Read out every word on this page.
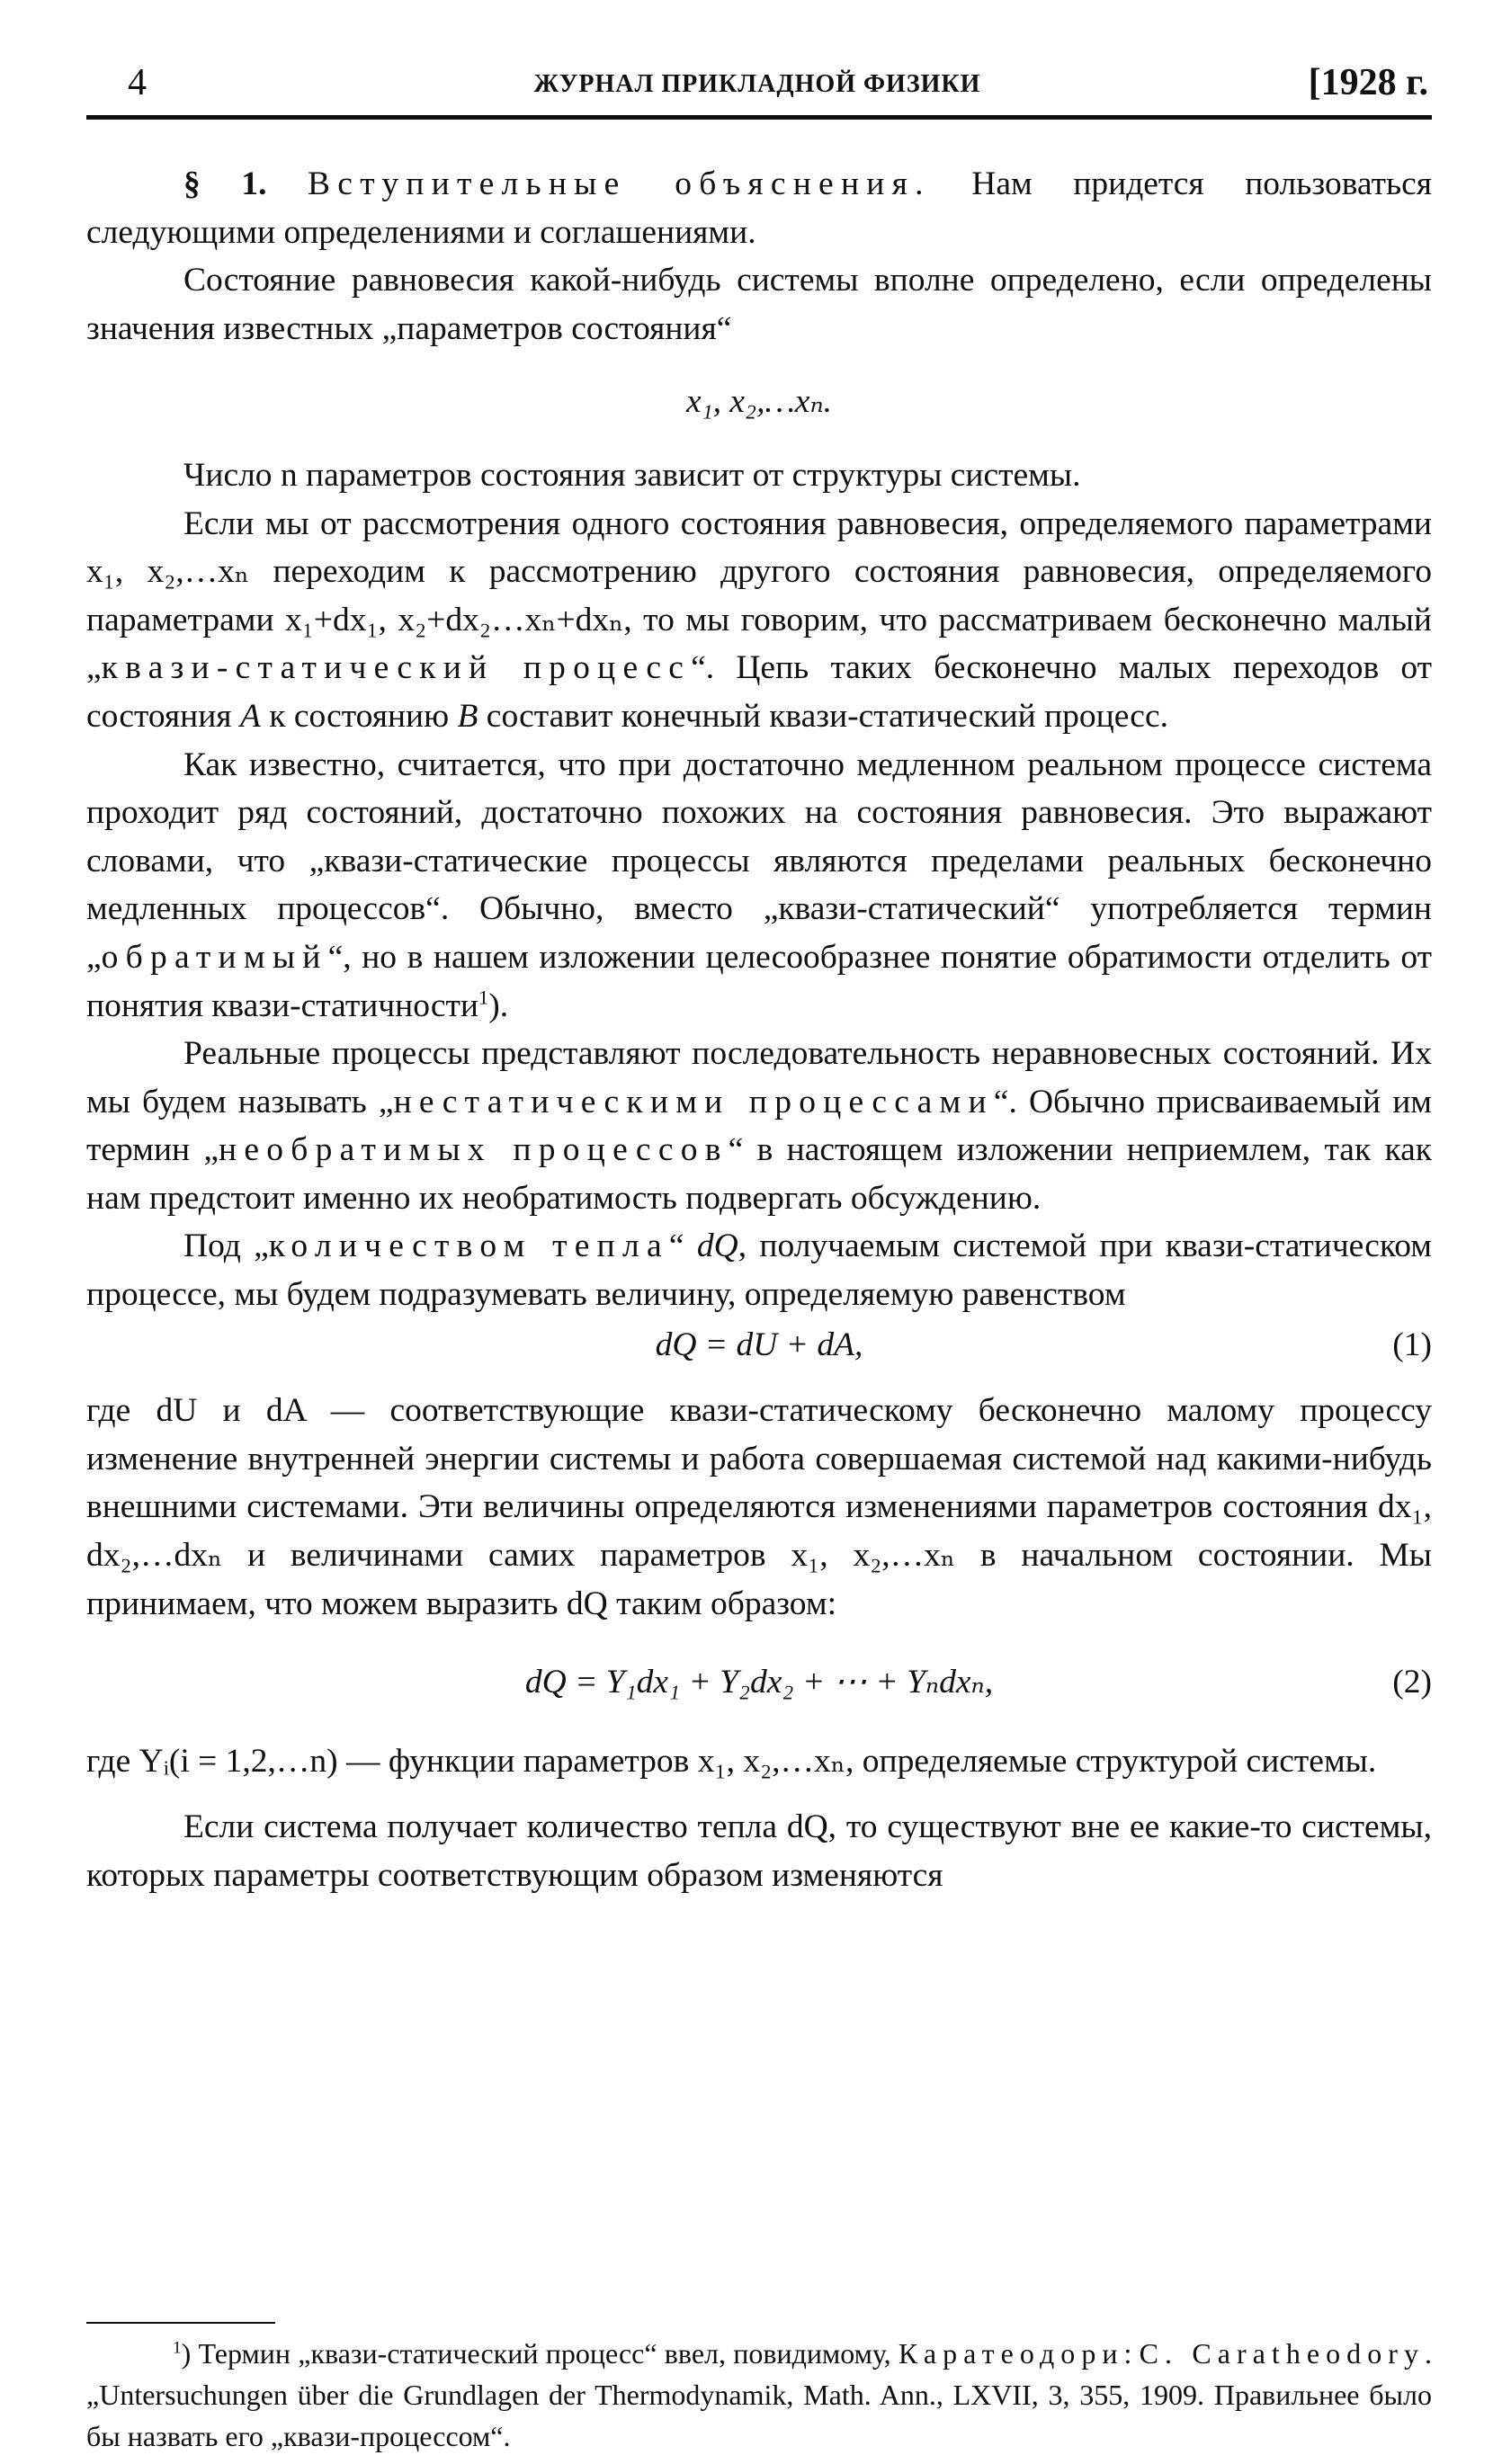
4	ЖУРНАЛ ПРИКЛАДНОЙ ФИЗИКИ	[1928 г.

§ 1. Вступительные объяснения. Нам придется пользоваться следующими определениями и соглашениями.

Состояние равновесия какой-нибудь системы вполне определено, если определены значения известных „параметров состояния“

x₁, x₂,…xₙ.

Число n параметров состояния зависит от структуры системы.

Если мы от рассмотрения одного состояния равновесия, определяемого параметрами x₁, x₂,…xₙ переходим к рассмотрению другого состояния равновесия, определяемого параметрами x₁+dx₁, x₂+dx₂…xₙ+dxₙ, то мы говорим, что рассматриваем бесконечно малый „квази-статический процесс“. Цепь таких бесконечно малых переходов от состояния A к состоянию B составит конечный квази-статический процесс.

Как известно, считается, что при достаточно медленном реальном процессе система проходит ряд состояний, достаточно похожих на состояния равновесия. Это выражают словами, что „квази-статические процессы являются пределами реальных бесконечно медленных процессов“. Обычно, вместо „квази-статический“ употребляется термин „обратимый“, но в нашем изложении целесообразнее понятие обратимости отделить от понятия квази-статичности$^1$).

Реальные процессы представляют последовательность неравновесных состояний. Их мы будем называть „нестатическими процессами“. Обычно присваиваемый им термин „необратимых процессов“ в настоящем изложении неприемлем, так как нам предстоит именно их необратимость подвергать обсуждению.

Под „количеством тепла“ dQ, получаемым системой при квази-статическом процессе, мы будем подразумевать величину, определяемую равенством

dQ = dU + dA,	(1)

где dU и dA — соответствующие квази-статическому бесконечно малому процессу изменение внутренней энергии системы и работа совершаемая системой над какими-нибудь внешними системами. Эти величины определяются изменениями параметров состояния dx₁, dx₂,…dxₙ и величинами самих параметров x₁, x₂,…xₙ в начальном состоянии. Мы принимаем, что можем выразить dQ таким образом:

dQ = Y₁dx₁ + Y₂dx₂ + ⋯ + Yₙdxₙ,	(2)

где Yᵢ(i = 1,2,…n) — функции параметров x₁, x₂,…xₙ, определяемые структурой системы.

Если система получает количество тепла dQ, то существуют вне ее какие-то системы, которых параметры соответствующим образом изменяются

$^1$) Термин „квази-статический процесс“ ввел, повидимому, Каратеодори: C. Caratheodory. „Untersuchungen über die Grundlagen der Thermodynamik, Math. Ann., LXVII, 3, 355, 1909. Правильнее было бы назвать его „квази-процессом“.
